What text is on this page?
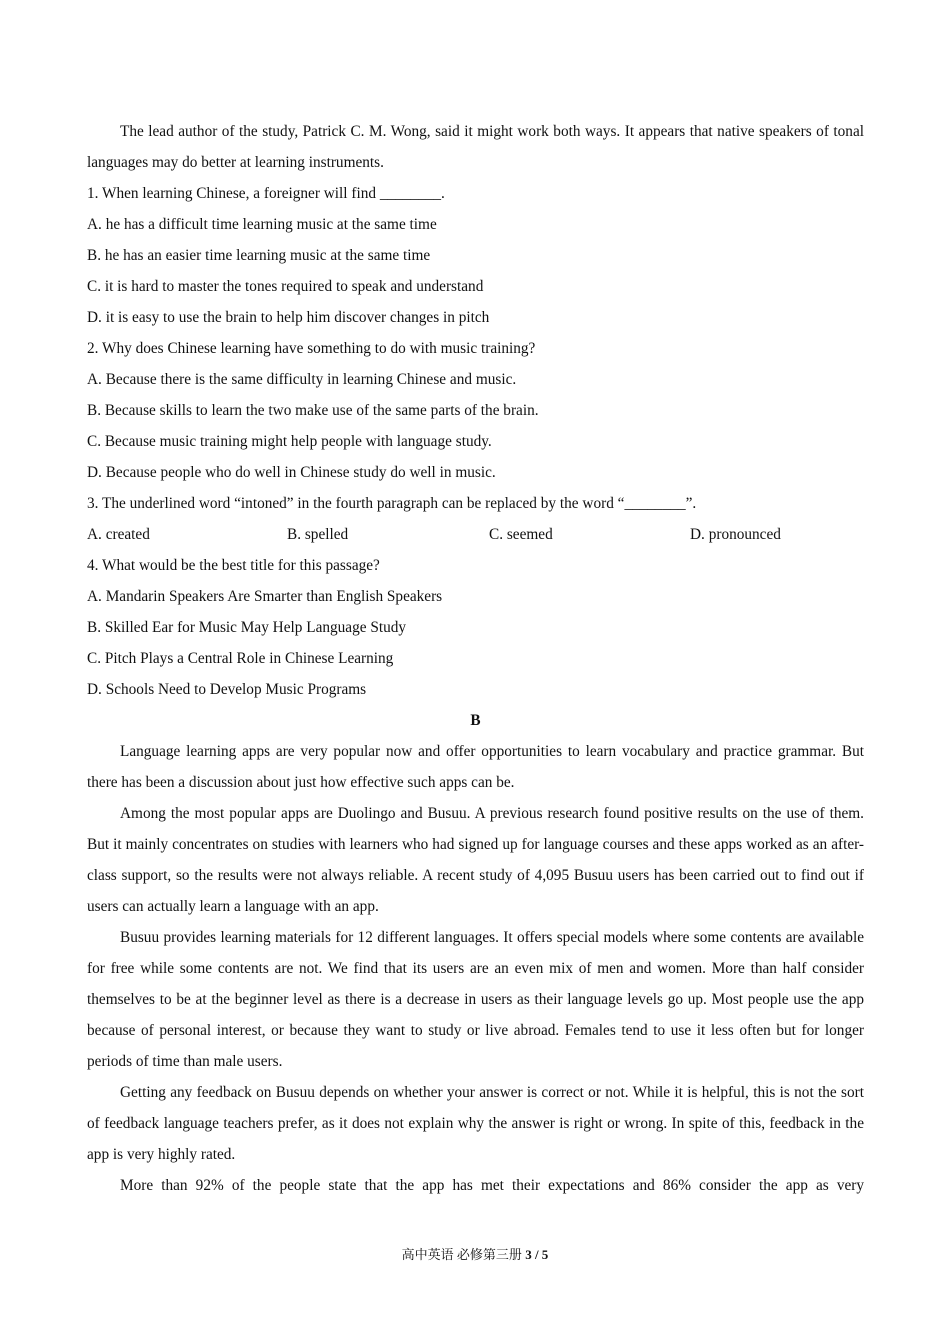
The lead author of the study, Patrick C. M. Wong, said it might work both ways. It appears that native speakers of tonal languages may do better at learning instruments.

1. When learning Chinese, a foreigner will find ________.
A. he has a difficult time learning music at the same time
B. he has an easier time learning music at the same time
C. it is hard to master the tones required to speak and understand
D. it is easy to use the brain to help him discover changes in pitch
2. Why does Chinese learning have something to do with music training?
A. Because there is the same difficulty in learning Chinese and music.
B. Because skills to learn the two make use of the same parts of the brain.
C. Because music training might help people with language study.
D. Because people who do well in Chinese study do well in music.
3. The underlined word “intoned” in the fourth paragraph can be replaced by the word “________”.
A. created	B. spelled	C. seemed	D. pronounced
4. What would be the best title for this passage?
A. Mandarin Speakers Are Smarter than English Speakers
B. Skilled Ear for Music May Help Language Study
C. Pitch Plays a Central Role in Chinese Learning
D. Schools Need to Develop Music Programs
B

Language learning apps are very popular now and offer opportunities to learn vocabulary and practice grammar. But there has been a discussion about just how effective such apps can be.

Among the most popular apps are Duolingo and Busuu. A previous research found positive results on the use of them. But it mainly concentrates on studies with learners who had signed up for language courses and these apps worked as an after-class support, so the results were not always reliable. A recent study of 4,095 Busuu users has been carried out to find out if users can actually learn a language with an app.

Busuu provides learning materials for 12 different languages. It offers special models where some contents are available for free while some contents are not. We find that its users are an even mix of men and women. More than half consider themselves to be at the beginner level as there is a decrease in users as their language levels go up. Most people use the app because of personal interest, or because they want to study or live abroad. Females tend to use it less often but for longer periods of time than male users.

Getting any feedback on Busuu depends on whether your answer is correct or not. While it is helpful, this is not the sort of feedback language teachers prefer, as it does not explain why the answer is right or wrong. In spite of this, feedback in the app is very highly rated.

More than 92% of the people state that the app has met their expectations and 86% consider the app as very

高中英语 必修第三册 3 / 5
